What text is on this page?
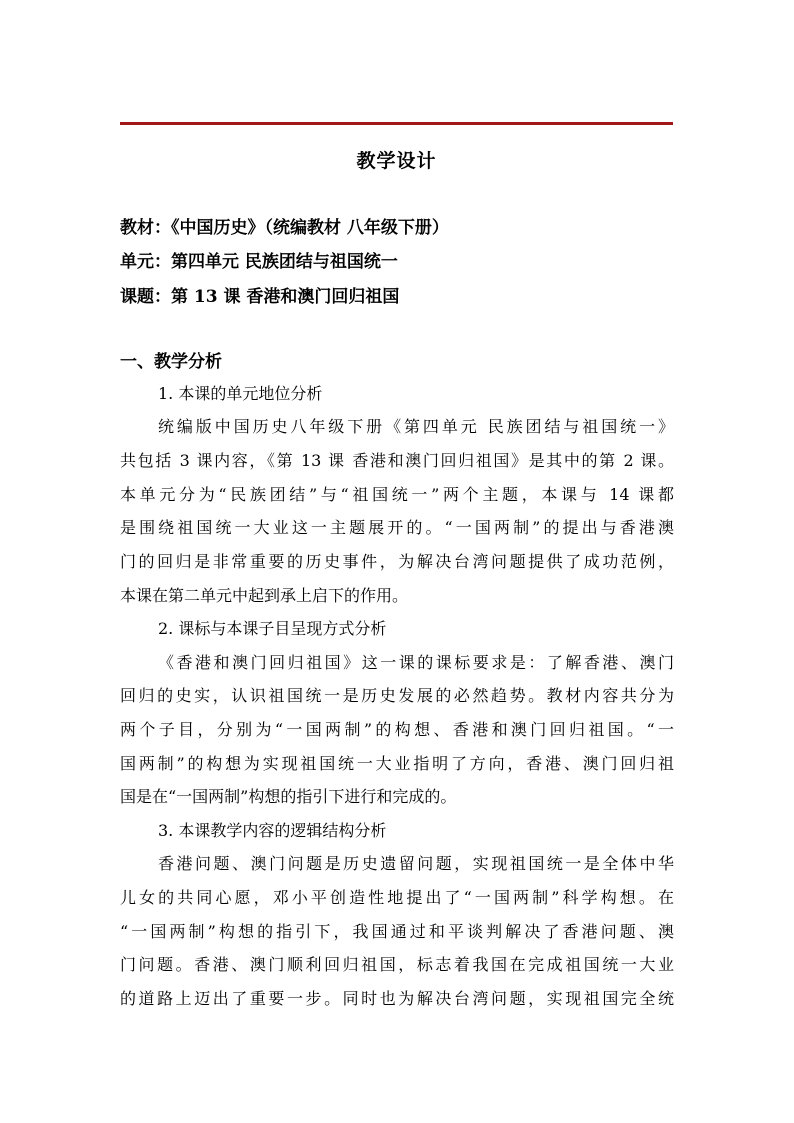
教学设计
教材：《中国历史》（统编教材 八年级下册）
单元：第四单元 民族团结与祖国统一
课题：第 13 课 香港和澳门回归祖国
一、教学分析
1. 本课的单元地位分析
统编版中国历史八年级下册《第四单元 民族团结与祖国统一》
共包括 3 课内容，《第 13 课 香港和澳门回归祖国》是其中的第 2 课。
本单元分为“民族团结”与“祖国统一”两个主题，本课与 14 课都
是围绕祖国统一大业这一主题展开的。“一国两制”的提出与香港澳
门的回归是非常重要的历史事件，为解决台湾问题提供了成功范例，
本课在第二单元中起到承上启下的作用。
2. 课标与本课子目呈现方式分析
《香港和澳门回归祖国》这一课的课标要求是：了解香港、澳门
回归的史实，认识祖国统一是历史发展的必然趋势。教材内容共分为
两个子目，分别为“一国两制”的构想、香港和澳门回归祖国。“一
国两制”的构想为实现祖国统一大业指明了方向，香港、澳门回归祖
国是在“一国两制”构想的指引下进行和完成的。
3. 本课教学内容的逻辑结构分析
香港问题、澳门问题是历史遗留问题，实现祖国统一是全体中华
儿女的共同心愿，邓小平创造性地提出了“一国两制”科学构想。在
“一国两制”构想的指引下，我国通过和平谈判解决了香港问题、澳
门问题。香港、澳门顺利回归祖国，标志着我国在完成祖国统一大业
的道路上迈出了重要一步。同时也为解决台湾问题，实现祖国完全统
